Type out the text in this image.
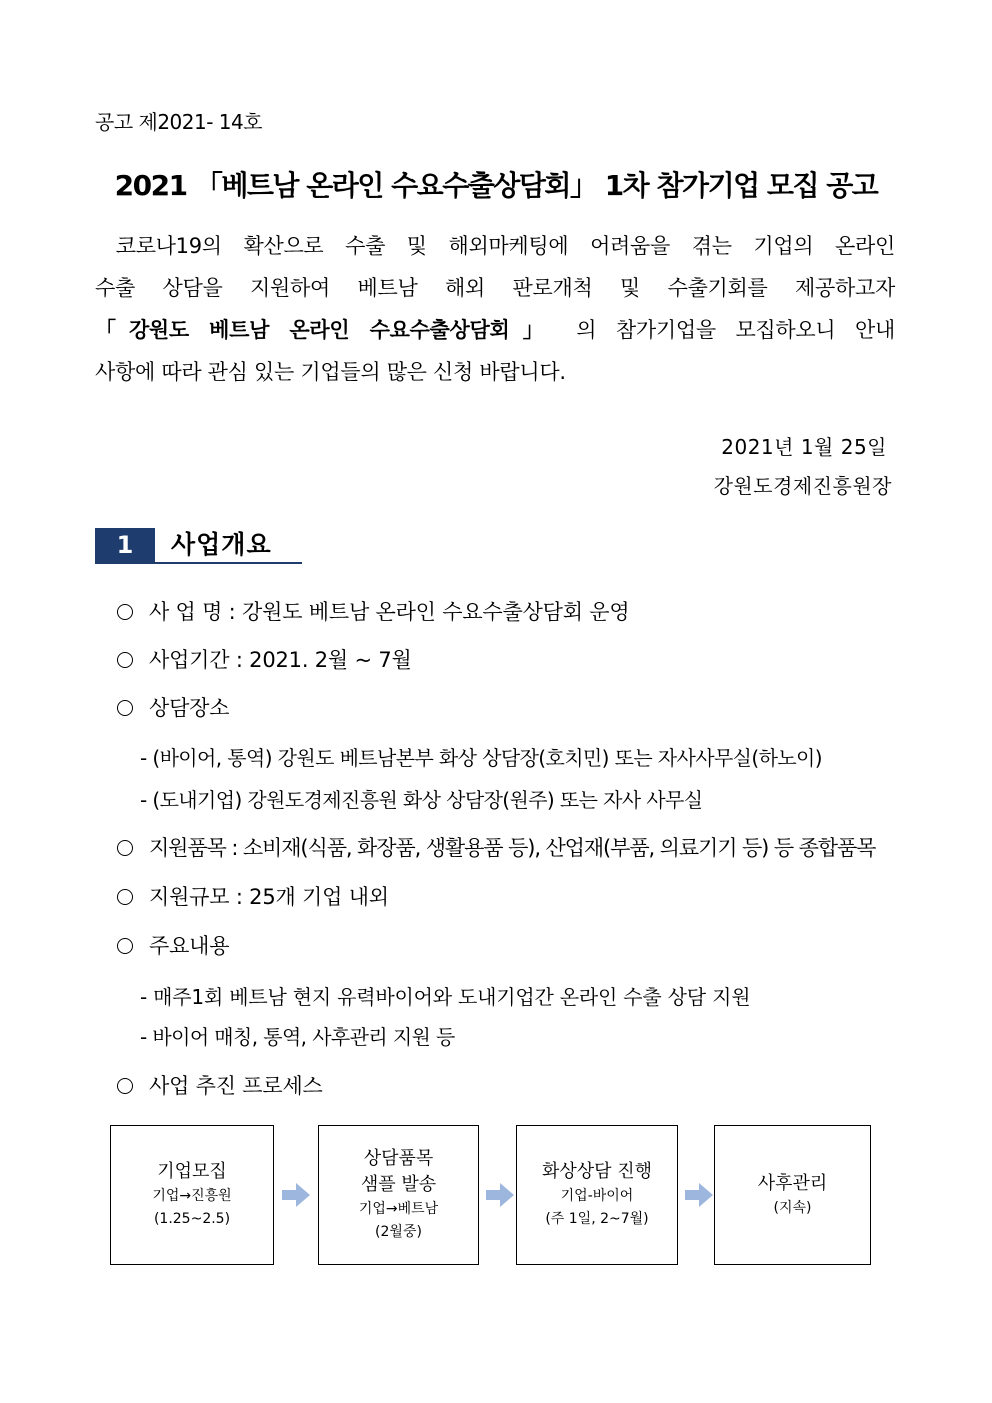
공고 제2021- 14호
2021 「베트남 온라인 수요수출상담회」 1차 참가기업 모집 공고
 코로나19의 확산으로 수출 및 해외마케팅에 어려움을 겪는 기업의 온라인
수출 상담을 지원하여 베트남 해외 판로개척 및 수출기회를 제공하고자
「강원도 베트남 온라인 수요수출상담회」 의 참가기업을 모집하오니 안내
사항에 따라 관심 있는 기업들의 많은 신청 바랍니다.
2021년 1월 25일
강원도경제진흥원장
1	사업개요
사 업 명 : 강원도 베트남 온라인 수요수출상담회 운영
사업기간 : 2021. 2월 ~ 7월
상담장소
- (바이어, 통역) 강원도 베트남본부 화상 상담장(호치민) 또는 자사사무실(하노이)
- (도내기업) 강원도경제진흥원 화상 상담장(원주) 또는 자사 사무실
지원품목 : 소비재(식품, 화장품, 생활용품 등), 산업재(부품, 의료기기 등) 등 종합품목
지원규모 : 25개 기업 내외
주요내용
- 매주1회 베트남 현지 유력바이어와 도내기업간 온라인 수출 상담 지원
- 바이어 매칭, 통역, 사후관리 지원 등
사업 추진 프로세스
기업모집
기업→진흥원
(1.25~2.5)
상담품목
샘플 발송
기업→베트남
(2월중)
화상상담 진행
기업-바이어
(주 1일, 2~7월)
사후관리
(지속)
